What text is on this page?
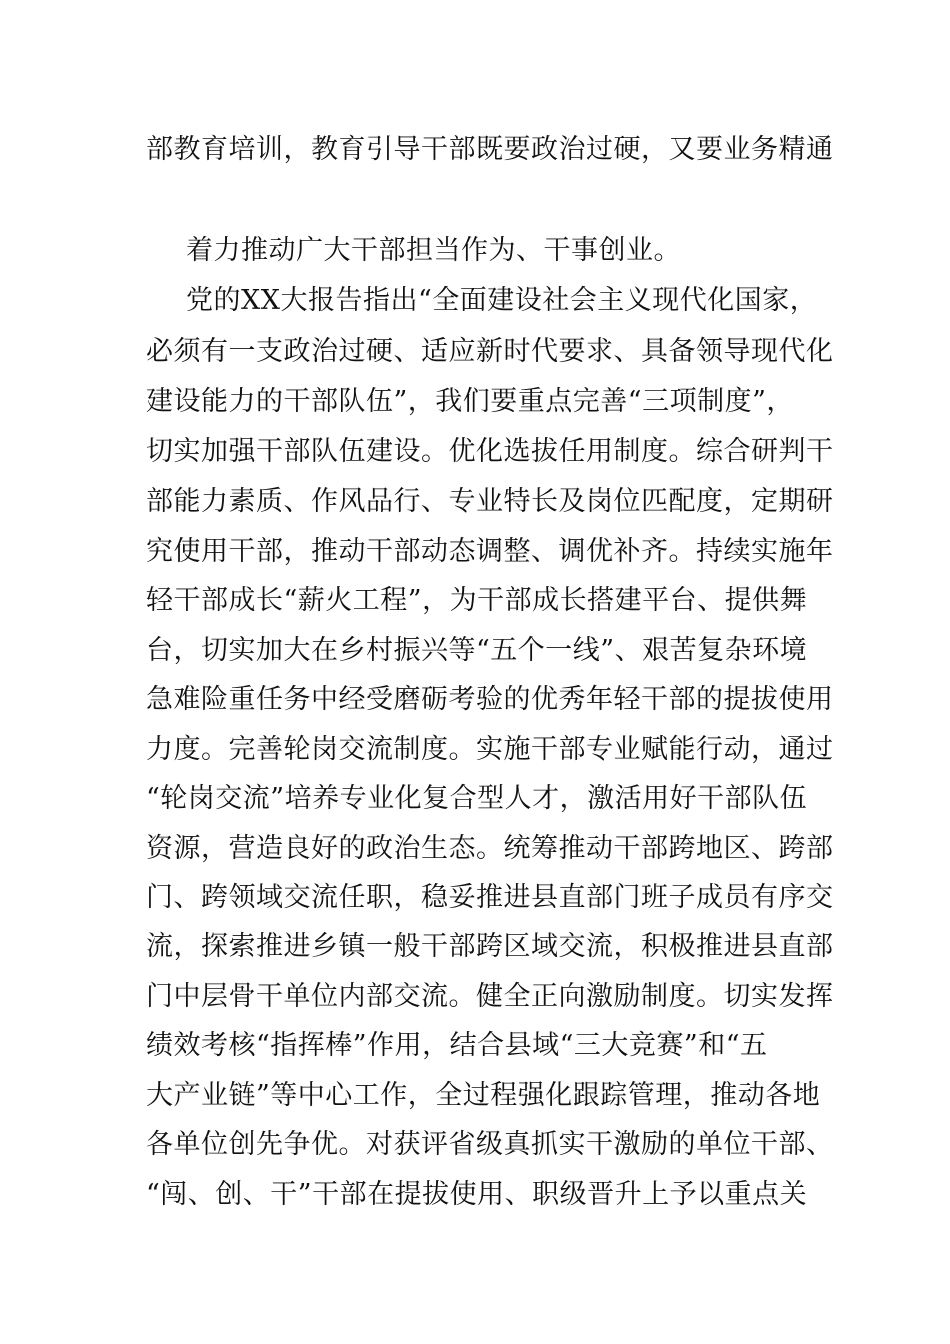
部教育培训，教育引导干部既要政治过硬，又要业务精通
着力推动广大干部担当作为、干事创业。
党的XX大报告指出“全面建设社会主义现代化国家，
必须有一支政治过硬、适应新时代要求、具备领导现代化
建设能力的干部队伍”，我们要重点完善“三项制度”，
切实加强干部队伍建设。优化选拔任用制度。综合研判干
部能力素质、作风品行、专业特长及岗位匹配度，定期研
究使用干部，推动干部动态调整、调优补齐。持续实施年
轻干部成长“薪火工程”，为干部成长搭建平台、提供舞
台，切实加大在乡村振兴等“五个一线”、艰苦复杂环境
急难险重任务中经受磨砺考验的优秀年轻干部的提拔使用
力度。完善轮岗交流制度。实施干部专业赋能行动，通过
“轮岗交流”培养专业化复合型人才，激活用好干部队伍
资源，营造良好的政治生态。统筹推动干部跨地区、跨部
门、跨领域交流任职，稳妥推进县直部门班子成员有序交
流，探索推进乡镇一般干部跨区域交流，积极推进县直部
门中层骨干单位内部交流。健全正向激励制度。切实发挥
绩效考核“指挥棒”作用，结合县域“三大竞赛”和“五
大产业链”等中心工作，全过程强化跟踪管理，推动各地
各单位创先争优。对获评省级真抓实干激励的单位干部、
“闯、创、干”干部在提拔使用、职级晋升上予以重点关
